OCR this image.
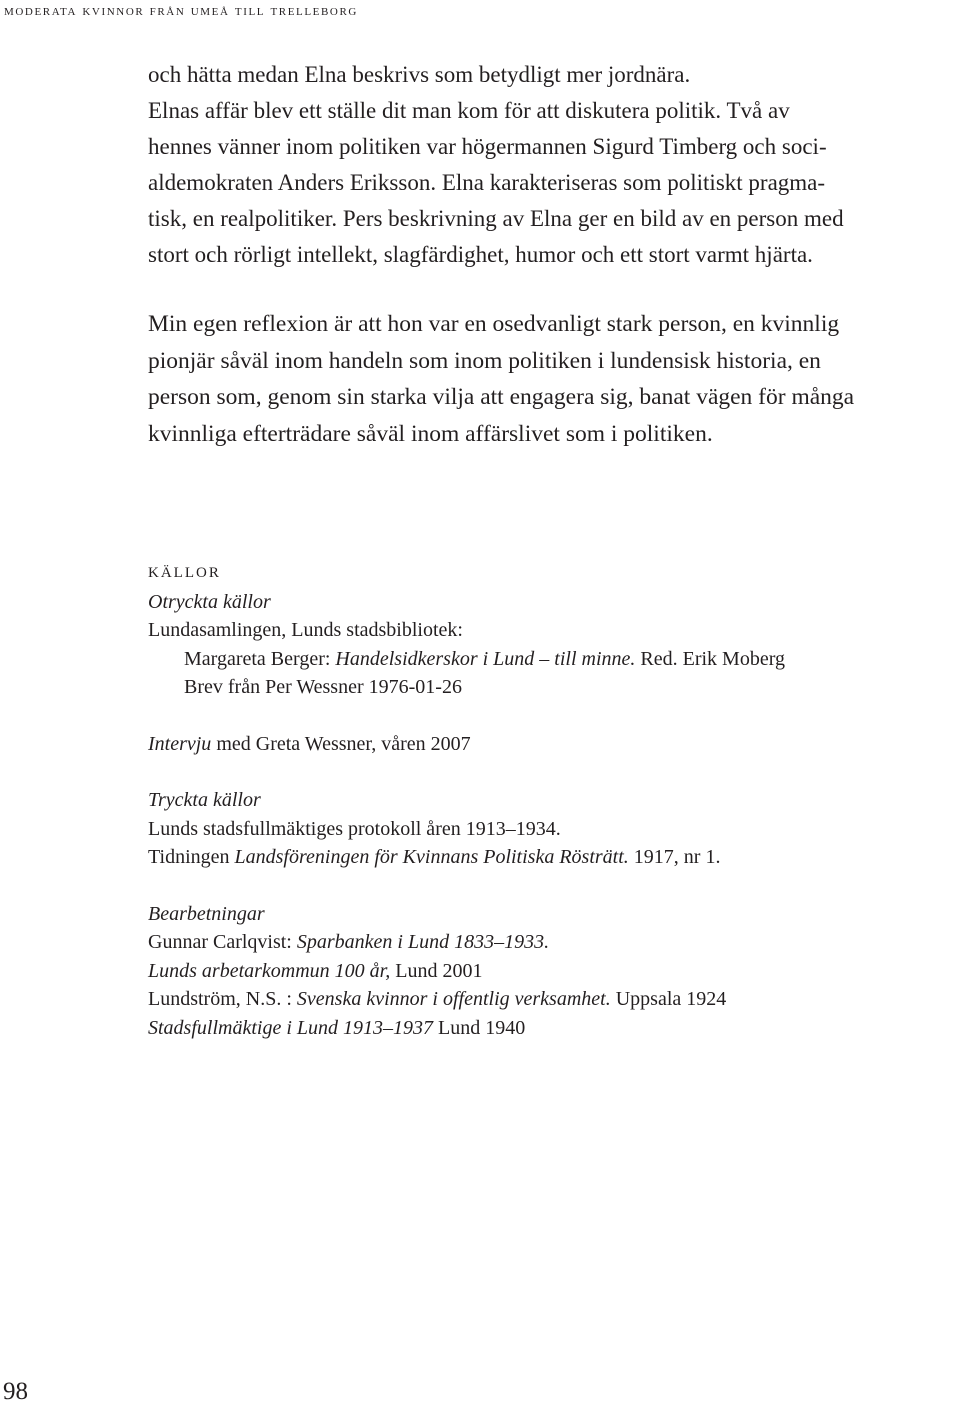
moderata kvinnor från umeå till trelleborg

och hätta medan Elna beskrivs som betydligt mer jordnära.
Elnas affär blev ett ställe dit man kom för att diskutera politik. Två av
hennes vänner inom politiken var högermannen Sigurd Timberg och soci-
aldemokraten Anders Eriksson. Elna karakteriseras som politiskt pragma-
tisk, en realpolitiker. Pers beskrivning av Elna ger en bild av en person med
stort och rörligt intellekt, slagfärdighet, humor och ett stort varmt hjärta.

Min egen reflexion är att hon var en osedvanligt stark person, en kvinnlig
pionjär såväl inom handeln som inom politiken i lundensisk historia, en
person som, genom sin starka vilja att engagera sig, banat vägen för många
kvinnliga efterträdare såväl inom affärslivet som i politiken.

källor
Otryckta källor
Lundasamlingen, Lunds stadsbibliotek:
Margareta Berger: Handelsidkerskor i Lund – till minne. Red. Erik Moberg
Brev från Per Wessner 1976-01-26
Intervju med Greta Wessner, våren 2007
Tryckta källor
Lunds stadsfullmäktiges protokoll åren 1913–1934.
Tidningen Landsföreningen för Kvinnans Politiska Rösträtt. 1917, nr 1.
Bearbetningar
Gunnar Carlqvist: Sparbanken i Lund 1833–1933.
Lunds arbetarkommun 100 år, Lund 2001
Lundström, N.S. : Svenska kvinnor i offentlig verksamhet. Uppsala 1924
Stadsfullmäktige i Lund 1913–1937 Lund 1940
98
